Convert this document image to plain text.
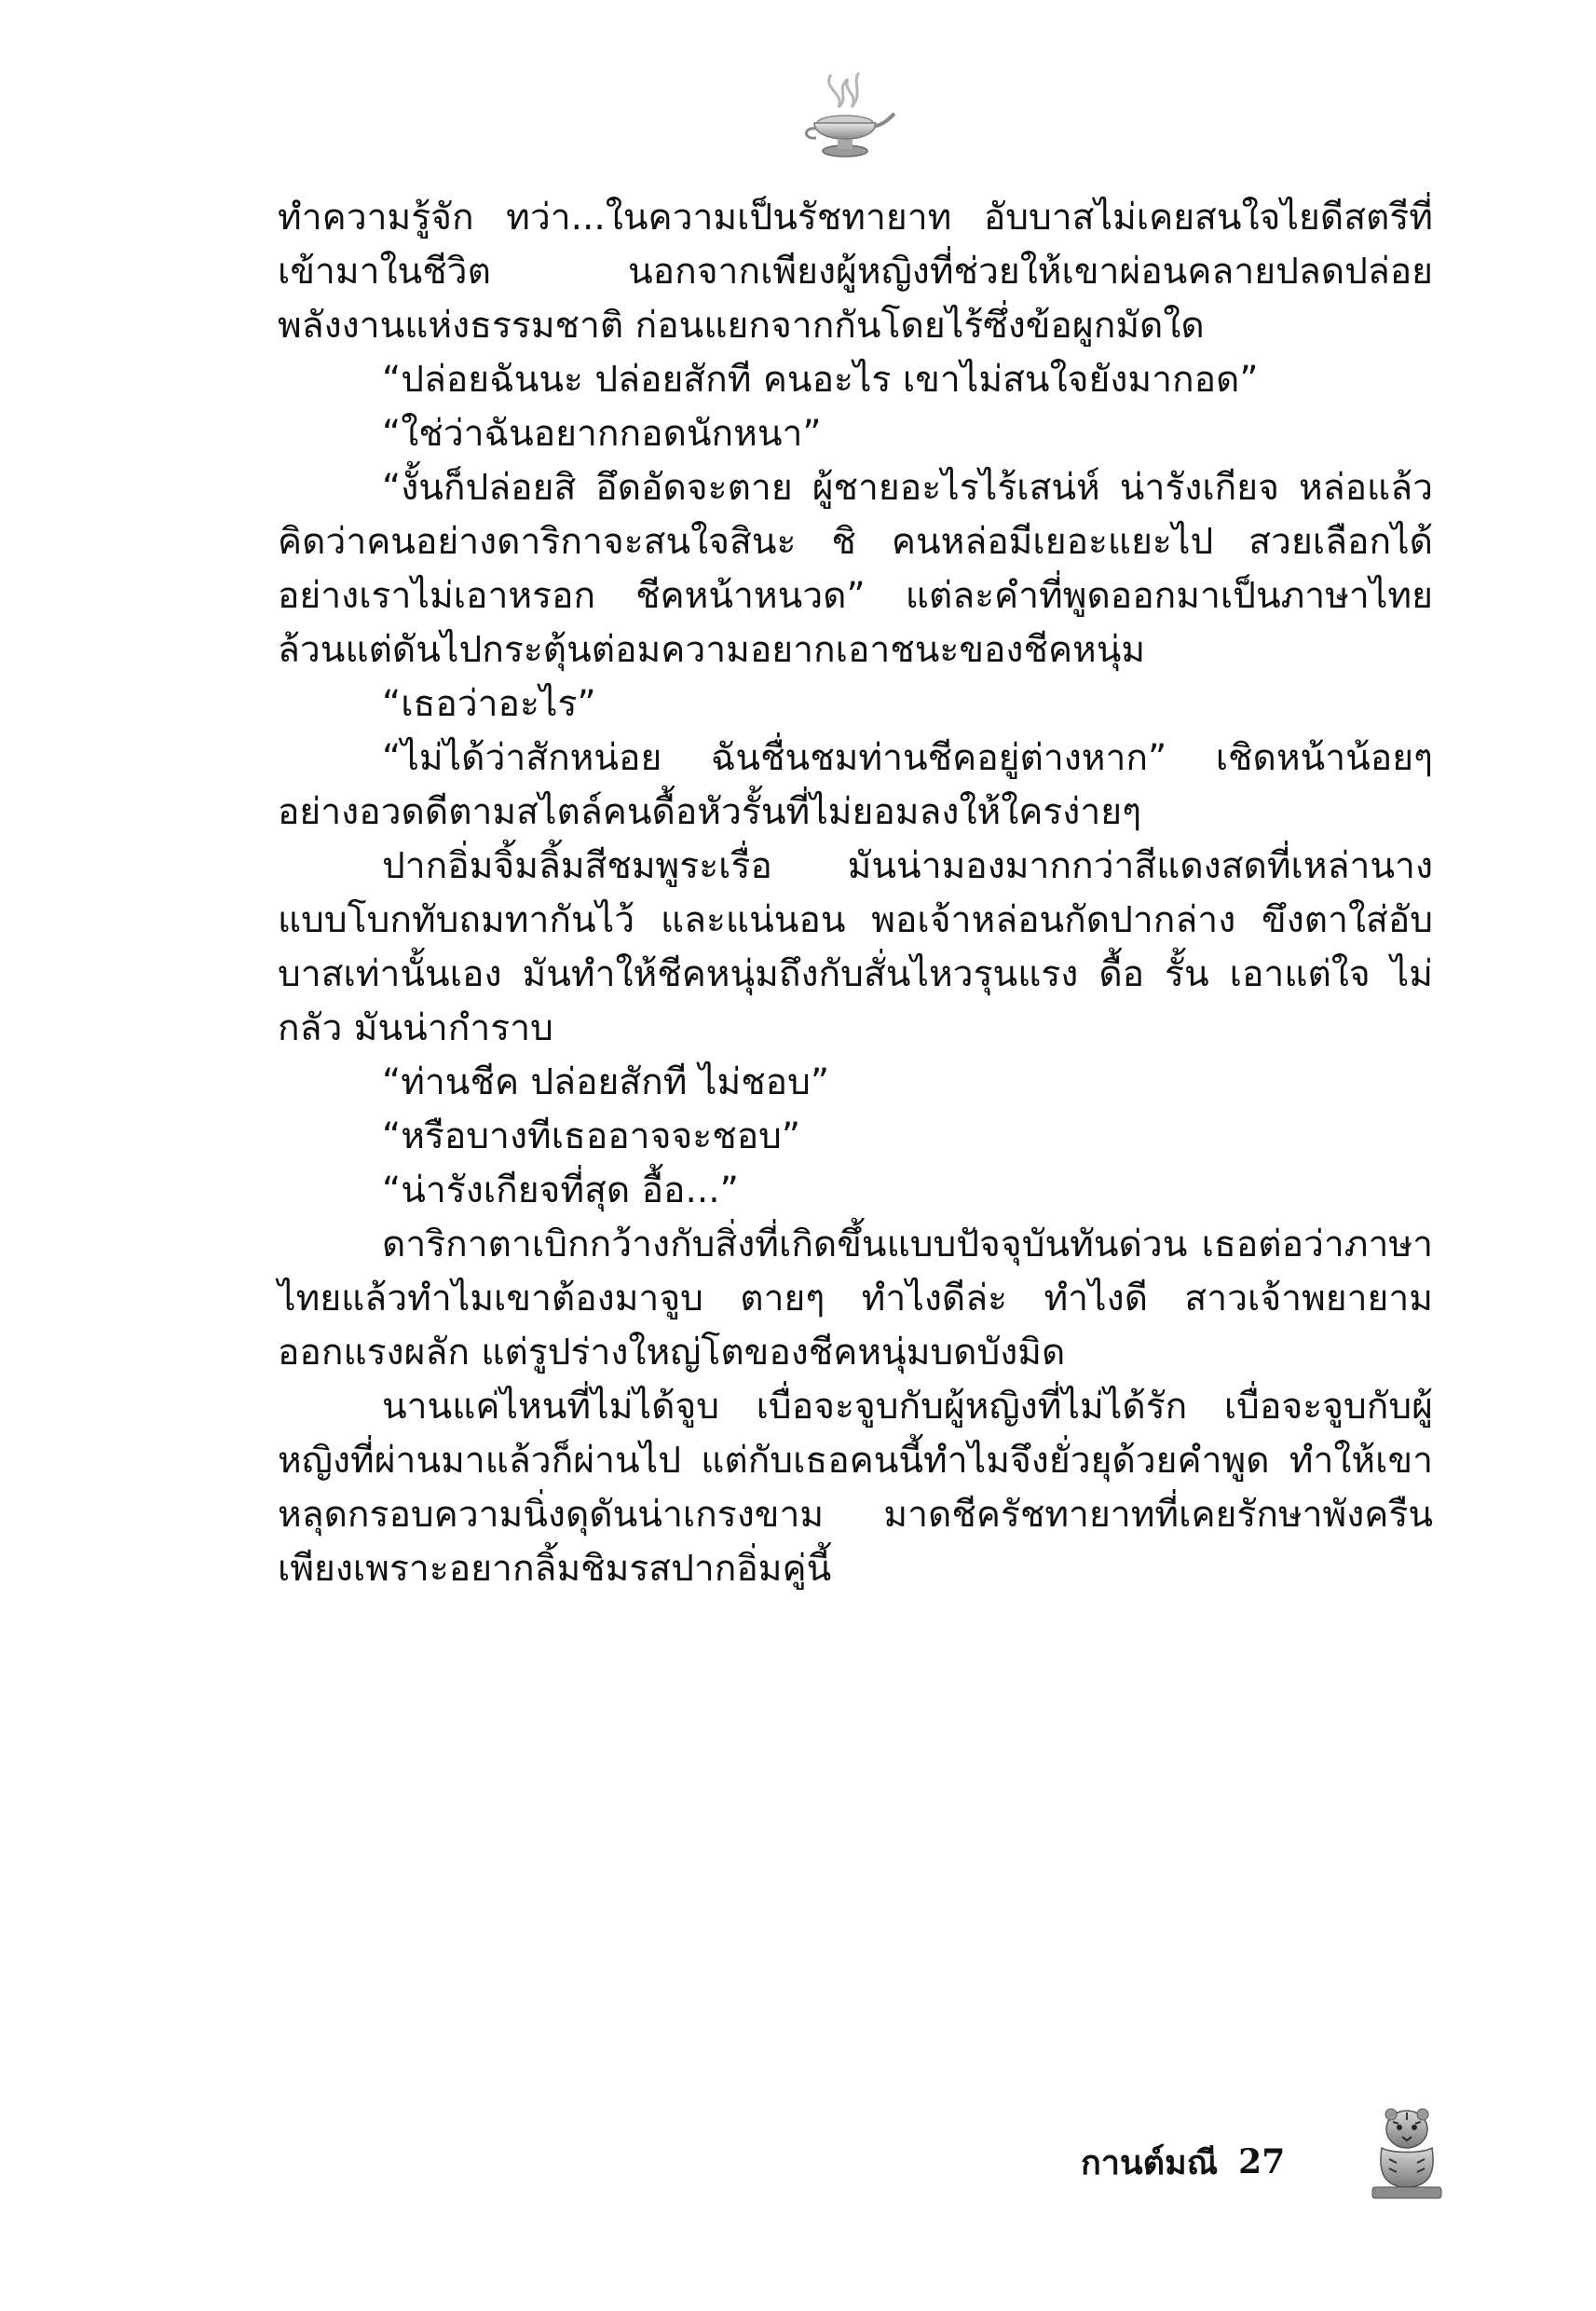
ทำความรู้จัก ทว่า...ในความเป็นรัชทายาท อับบาสไม่เคยสนใจไยดีสตรีที่เข้ามาในชีวิต นอกจากเพียงผู้หญิงที่ช่วยให้เขาผ่อนคลายปลดปล่อยพลังงานแห่งธรรมชาติ ก่อนแยกจากกันโดยไร้ซึ่งข้อผูกมัดใด

“ปล่อยฉันนะ ปล่อยสักที คนอะไร เขาไม่สนใจยังมากอด”

“ใช่ว่าฉันอยากกอดนักหนา”

“งั้นก็ปล่อยสิ อึดอัดจะตาย ผู้ชายอะไรไร้เสน่ห์ น่ารังเกียจ หล่อแล้วคิดว่าคนอย่างดาริกาจะสนใจสินะ ชิ คนหล่อมีเยอะแยะไป สวยเลือกได้อย่างเราไม่เอาหรอก ชีคหน้าหนวด” แต่ละคำที่พูดออกมาเป็นภาษาไทยล้วนแต่ดันไปกระตุ้นต่อมความอยากเอาชนะของชีคหนุ่ม

“เธอว่าอะไร”

“ไม่ได้ว่าสักหน่อย ฉันชื่นชมท่านชีคอยู่ต่างหาก” เชิดหน้าน้อยๆ อย่างอวดดีตามสไตล์คนดื้อหัวรั้นที่ไม่ยอมลงให้ใครง่ายๆ

ปากอิ่มจิ้มลิ้มสีชมพูระเรื่อ มันน่ามองมากกว่าสีแดงสดที่เหล่านางแบบโบกทับถมทากันไว้ และแน่นอน พอเจ้าหล่อนกัดปากล่าง ขึงตาใส่อับบาสเท่านั้นเอง มันทำให้ชีคหนุ่มถึงกับสั่นไหวรุนแรง ดื้อ รั้น เอาแต่ใจ ไม่กลัว มันน่ากำราบ

“ท่านชีค ปล่อยสักที ไม่ชอบ”

“หรือบางทีเธออาจจะชอบ”

“น่ารังเกียจที่สุด อื้อ...”

ดาริกาตาเบิกกว้างกับสิ่งที่เกิดขึ้นแบบปัจจุบันทันด่วน เธอต่อว่าภาษาไทยแล้วทำไมเขาต้องมาจูบ ตายๆ ทำไงดีล่ะ ทำไงดี สาวเจ้าพยายามออกแรงผลัก แต่รูปร่างใหญ่โตของชีคหนุ่มบดบังมิด

นานแค่ไหนที่ไม่ได้จูบ เบื่อจะจูบกับผู้หญิงที่ไม่ได้รัก เบื่อจะจูบกับผู้หญิงที่ผ่านมาแล้วก็ผ่านไป แต่กับเธอคนนี้ทำไมจึงยั่วยุด้วยคำพูด ทำให้เขาหลุดกรอบความนิ่งดุดันน่าเกรงขาม มาดชีครัชทายาทที่เคยรักษาพังครืนเพียงเพราะอยากลิ้มชิมรสปากอิ่มคู่นี้

กานต์มณี 27
